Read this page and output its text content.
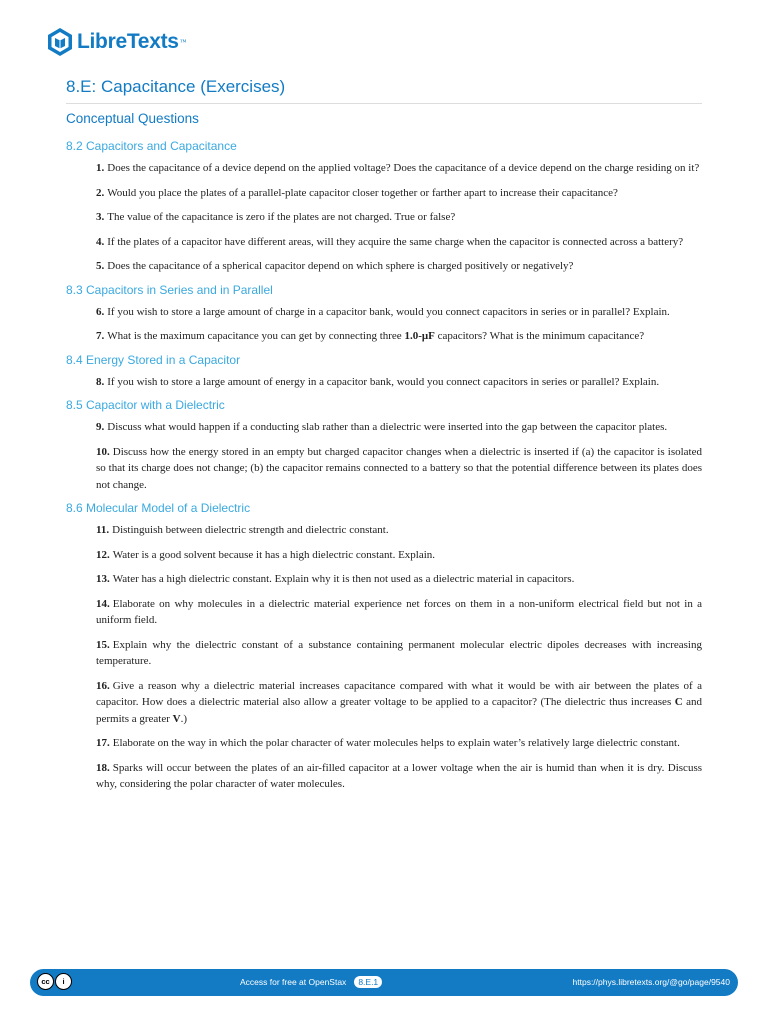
LibreTexts ™
8.E: Capacitance (Exercises)
Conceptual Questions
8.2 Capacitors and Capacitance

1. Does the capacitance of a device depend on the applied voltage? Does the capacitance of a device depend on the charge residing on it?

2. Would you place the plates of a parallel-plate capacitor closer together or farther apart to increase their capacitance?

3. The value of the capacitance is zero if the plates are not charged. True or false?

4. If the plates of a capacitor have different areas, will they acquire the same charge when the capacitor is connected across a battery?

5. Does the capacitance of a spherical capacitor depend on which sphere is charged positively or negatively?

8.3 Capacitors in Series and in Parallel

6. If you wish to store a large amount of charge in a capacitor bank, would you connect capacitors in series or in parallel? Explain.

7. What is the maximum capacitance you can get by connecting three 1.0-μF capacitors? What is the minimum capacitance?

8.4 Energy Stored in a Capacitor

8. If you wish to store a large amount of energy in a capacitor bank, would you connect capacitors in series or parallel? Explain.

8.5 Capacitor with a Dielectric

9. Discuss what would happen if a conducting slab rather than a dielectric were inserted into the gap between the capacitor plates.

10. Discuss how the energy stored in an empty but charged capacitor changes when a dielectric is inserted if (a) the capacitor is isolated so that its charge does not change; (b) the capacitor remains connected to a battery so that the potential difference between its plates does not change.

8.6 Molecular Model of a Dielectric

11. Distinguish between dielectric strength and dielectric constant.

12. Water is a good solvent because it has a high dielectric constant. Explain.

13. Water has a high dielectric constant. Explain why it is then not used as a dielectric material in capacitors.

14. Elaborate on why molecules in a dielectric material experience net forces on them in a non-uniform electrical field but not in a uniform field.

15. Explain why the dielectric constant of a substance containing permanent molecular electric dipoles decreases with increasing temperature.

16. Give a reason why a dielectric material increases capacitance compared with what it would be with air between the plates of a capacitor. How does a dielectric material also allow a greater voltage to be applied to a capacitor? (The dielectric thus increases C and permits a greater V.)

17. Elaborate on the way in which the polar character of water molecules helps to explain water’s relatively large dielectric constant.

18. Sparks will occur between the plates of an air-filled capacitor at a lower voltage when the air is humid than when it is dry. Discuss why, considering the polar character of water molecules.

cc	i	Access for free at OpenStax	8.E.1	https://phys.libretexts.org/@go/page/9540
